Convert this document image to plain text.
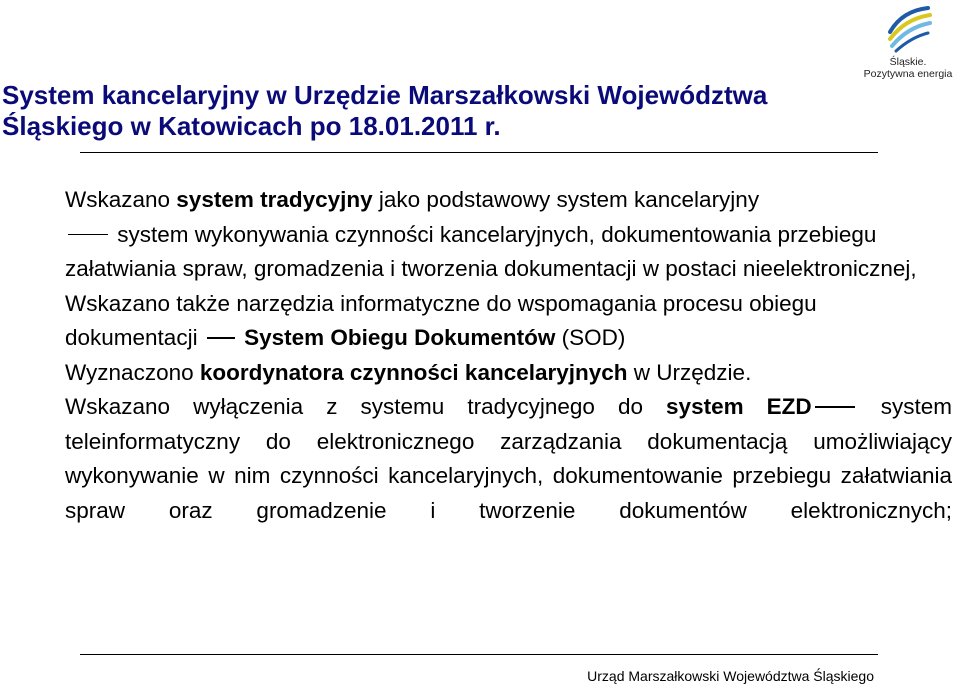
Śląskie.
Pozytywna energia
System kancelaryjny w Urzędzie Marszałkowski Województwa
Śląskiego w Katowicach po 18.01.2011 r.

Wskazano system tradycyjny jako podstawowy system kancelaryjny
system wykonywania czynności kancelaryjnych, dokumentowania przebiegu załatwiania spraw, gromadzenia i tworzenia dokumentacji w postaci nieelektronicznej,

Wskazano także narzędzia informatyczne do wspomagania procesu obiegu dokumentacji  System Obiegu Dokumentów (SOD)

Wyznaczono koordynatora czynności kancelaryjnych w Urzędzie.

Wskazano wyłączenia z systemu tradycyjnego do system EZD	system teleinformatyczny do elektronicznego zarządzania dokumentacją umożliwiający wykonywanie w nim czynności kancelaryjnych, dokumentowanie przebiegu załatwiania spraw oraz gromadzenie i tworzenie dokumentów elektronicznych;

Urząd Marszałkowski Województwa Śląskiego
